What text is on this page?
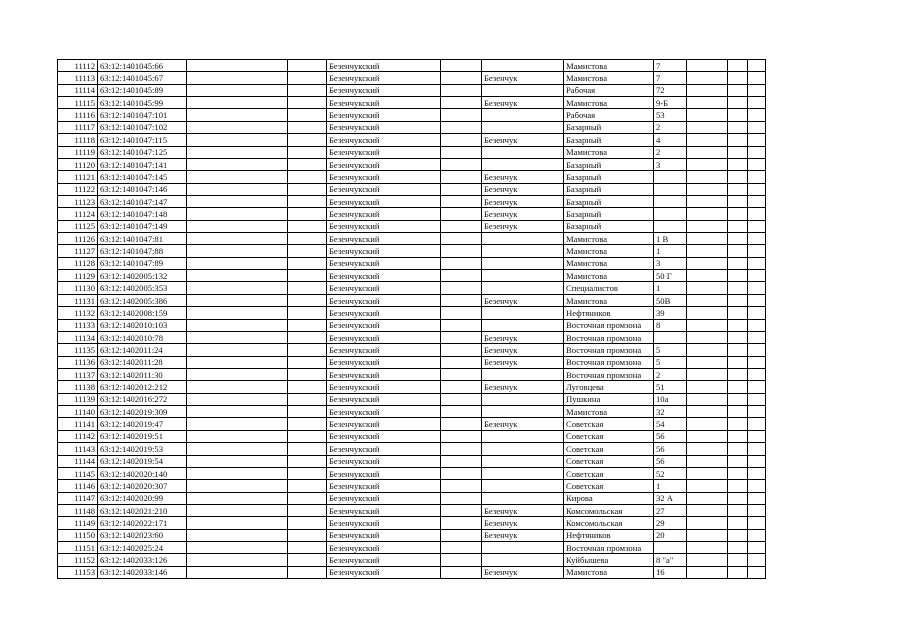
11112	63:12:1401045:66			Безенчукский			Мамистова	7			
11113	63:12:1401045:67			Безенчукский		Безенчук	Мамистова	7			
11114	63:12:1401045:89			Безенчукский			Рабочая	72			
11115	63:12:1401045:99			Безенчукский		Безенчук	Мамистова	9-Б			
11116	63:12:1401047:101			Безенчукский			Рабочая	53			
11117	63:12:1401047:102			Безенчукский			Базарный	2			
11118	63:12:1401047:115			Безенчукский		Безенчук	Базарный	4			
11119	63:12:1401047:125			Безенчукский			Мамистова	2			
11120	63:12:1401047:141			Безенчукский			Базарный	3			
11121	63:12:1401047:145			Безенчукский		Безенчук	Базарный				
11122	63:12:1401047:146			Безенчукский		Безенчук	Базарный				
11123	63:12:1401047:147			Безенчукский		Безенчук	Базарный				
11124	63:12:1401047:148			Безенчукский		Безенчук	Базарный				
11125	63:12:1401047:149			Безенчукский		Безенчук	Базарный				
11126	63:12:1401047:81			Безенчукский			Мамистова	1 В			
11127	63:12:1401047:88			Безенчукский			Мамистова	1			
11128	63:12:1401047:89			Безенчукский			Мамистова	3			
11129	63:12:1402005:132			Безенчукский			Мамистова	50 Г			
11130	63:12:1402005:353			Безенчукский			Специалистов	1			
11131	63:12:1402005:386			Безенчукский		Безенчук	Мамистова	50В			
11132	63:12:1402008:159			Безенчукский			Нефтяников	39			
11133	63:12:1402010:103			Безенчукский			Восточная промзона	8			
11134	63:12:1402010:78			Безенчукский		Безенчук	Восточная промзона				
11135	63:12:1402011:24			Безенчукский		Безенчук	Восточная промзона	5			
11136	63:12:1402011:28			Безенчукский		Безенчук	Восточная промзона	5			
11137	63:12:1402011:30			Безенчукский			Восточная промзона	2			
11138	63:12:1402012:212			Безенчукский		Безенчук	Луговцева	51			
11139	63:12:1402016:272			Безенчукский			Пушкина	10а			
11140	63:12:1402019:309			Безенчукский			Мамистова	32			
11141	63:12:1402019:47			Безенчукский		Безенчук	Советская	54			
11142	63:12:1402019:51			Безенчукский			Советская	56			
11143	63:12:1402019:53			Безенчукский			Советская	56			
11144	63:12:1402019:54			Безенчукский			Советская	56			
11145	63:12:1402020:140			Безенчукский			Советская	52			
11146	63:12:1402020:307			Безенчукский			Советская	1			
11147	63:12:1402020:99			Безенчукский			Кирова	32 А			
11148	63:12:1402021:210			Безенчукский		Безенчук	Комсомольская	27			
11149	63:12:1402022:171			Безенчукский		Безенчук	Комсомольская	29			
11150	63:12:1402023:60			Безенчукский		Безенчук	Нефтяников	20			
11151	63:12:1402025:24			Безенчукский			Восточная промзона				
11152	63:12:1402033:126			Безенчукский			Куйбышева	8 "а"			
11153	63:12:1402033:146			Безенчукский		Безенчук	Мамистова	16			
